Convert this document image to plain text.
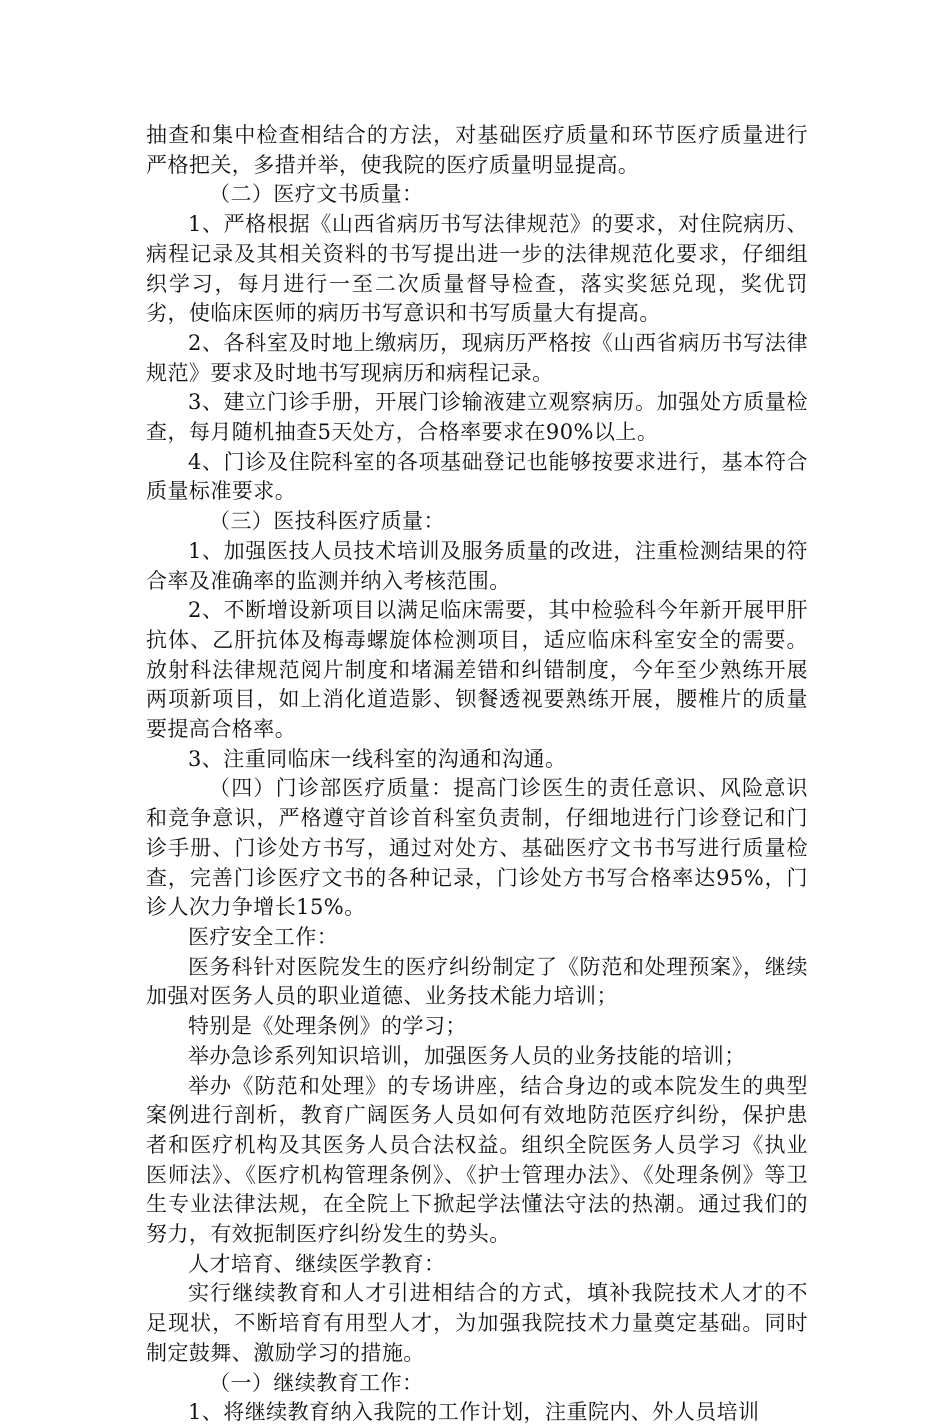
抽查和集中检查相结合的方法，对基础医疗质量和环节医疗质量进行严格把关，多措并举，使我院的医疗质量明显提高。

（二）医疗文书质量：

1、严格根据《山西省病历书写法律规范》的要求，对住院病历、病程记录及其相关资料的书写提出进一步的法律规范化要求，仔细组织学习，每月进行一至二次质量督导检查，落实奖惩兑现，奖优罚劣，使临床医师的病历书写意识和书写质量大有提高。

2、各科室及时地上缴病历，现病历严格按《山西省病历书写法律规范》要求及时地书写现病历和病程记录。

3、建立门诊手册，开展门诊输液建立观察病历。加强处方质量检查，每月随机抽查5天处方，合格率要求在90%以上。

4、门诊及住院科室的各项基础登记也能够按要求进行，基本符合质量标准要求。

（三）医技科医疗质量：

1、加强医技人员技术培训及服务质量的改进，注重检测结果的符合率及准确率的监测并纳入考核范围。

2、不断增设新项目以满足临床需要，其中检验科今年新开展甲肝抗体、乙肝抗体及梅毒螺旋体检测项目，适应临床科室安全的需要。放射科法律规范阅片制度和堵漏差错和纠错制度，今年至少熟练开展两项新项目，如上消化道造影、钡餐透视要熟练开展，腰椎片的质量要提高合格率。

3、注重同临床一线科室的沟通和沟通。

（四）门诊部医疗质量：提高门诊医生的责任意识、风险意识和竞争意识，严格遵守首诊首科室负责制，仔细地进行门诊登记和门诊手册、门诊处方书写，通过对处方、基础医疗文书书写进行质量检查，完善门诊医疗文书的各种记录，门诊处方书写合格率达95%，门诊人次力争增长15%。

医疗安全工作：

医务科针对医院发生的医疗纠纷制定了《防范和处理预案》，继续加强对医务人员的职业道德、业务技术能力培训；

特别是《处理条例》的学习；

举办急诊系列知识培训，加强医务人员的业务技能的培训；

举办《防范和处理》的专场讲座，结合身边的或本院发生的典型案例进行剖析，教育广阔医务人员如何有效地防范医疗纠纷，保护患者和医疗机构及其医务人员合法权益。组织全院医务人员学习《执业医师法》、《医疗机构管理条例》、《护士管理办法》、《处理条例》等卫生专业法律法规，在全院上下掀起学法懂法守法的热潮。通过我们的努力，有效扼制医疗纠纷发生的势头。

人才培育、继续医学教育：

实行继续教育和人才引进相结合的方式，填补我院技术人才的不足现状，不断培育有用型人才，为加强我院技术力量奠定基础。同时制定鼓舞、激励学习的措施。

（一）继续教育工作：

1、将继续教育纳入我院的工作计划，注重院内、外人员培训
